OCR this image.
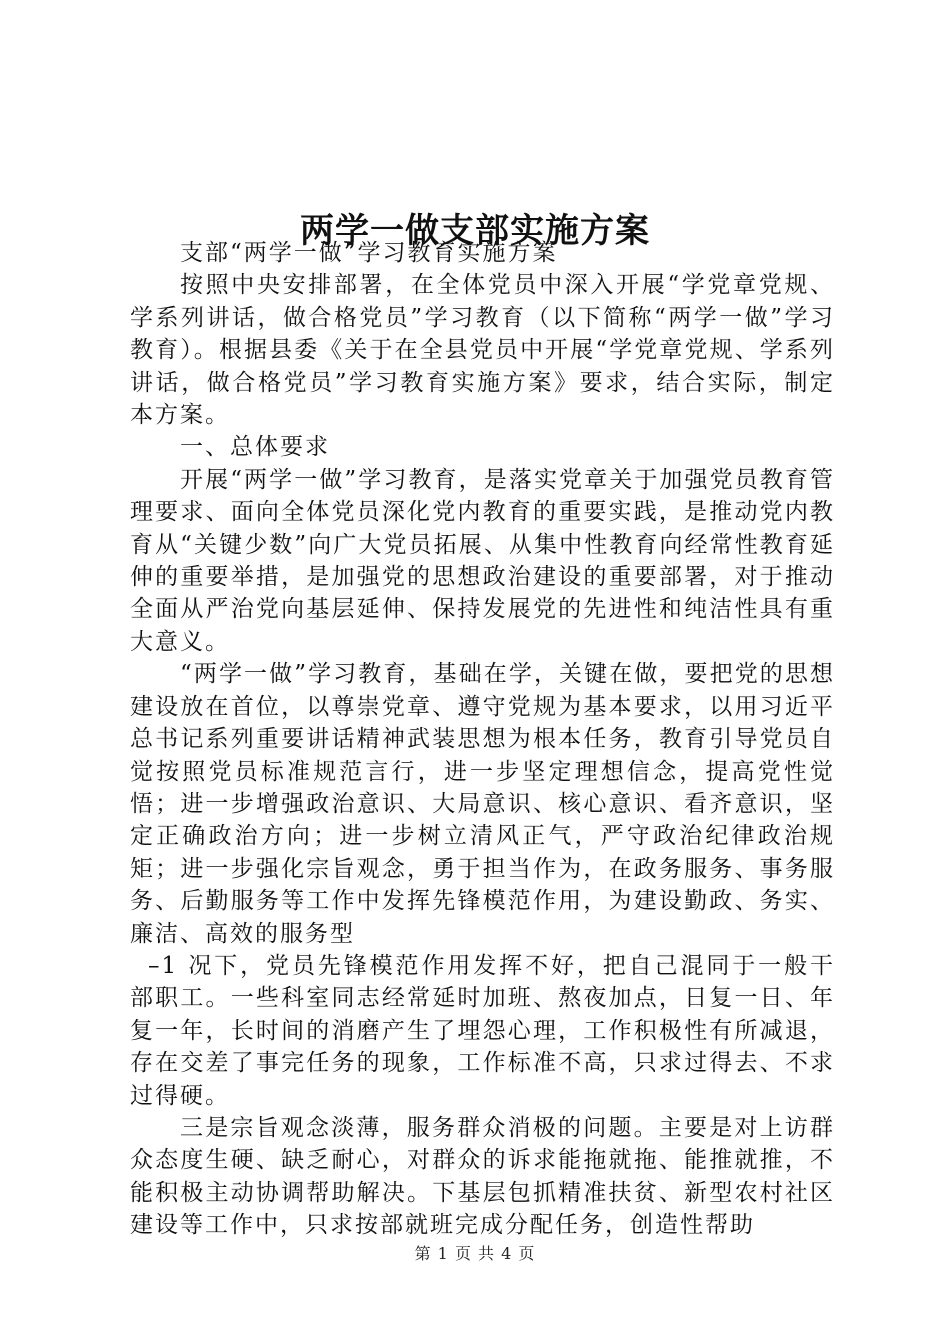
两学一做支部实施方案

支部“两学一做”学习教育实施方案

按照中央安排部署，在全体党员中深入开展“学党章党规、学系列讲话，做合格党员”学习教育（以下简称“两学一做”学习教育）。根据县委《关于在全县党员中开展“学党章党规、学系列讲话，做合格党员”学习教育实施方案》要求，结合实际，制定本方案。

一、总体要求

开展“两学一做”学习教育，是落实党章关于加强党员教育管理要求、面向全体党员深化党内教育的重要实践，是推动党内教育从“关键少数”向广大党员拓展、从集中性教育向经常性教育延伸的重要举措，是加强党的思想政治建设的重要部署，对于推动全面从严治党向基层延伸、保持发展党的先进性和纯洁性具有重大意义。

“两学一做”学习教育，基础在学，关键在做，要把党的思想建设放在首位，以尊崇党章、遵守党规为基本要求，以用习近平总书记系列重要讲话精神武装思想为根本任务，教育引导党员自觉按照党员标准规范言行，进一步坚定理想信念，提高党性觉悟；进一步增强政治意识、大局意识、核心意识、看齐意识，坚定正确政治方向；进一步树立清风正气，严守政治纪律政治规矩；进一步强化宗旨观念，勇于担当作为，在政务服务、事务服务、后勤服务等工作中发挥先锋模范作用，为建设勤政、务实、廉洁、高效的服务型

–1 况下，党员先锋模范作用发挥不好，把自己混同于一般干部职工。一些科室同志经常延时加班、熬夜加点，日复一日、年复一年，长时间的消磨产生了埋怨心理，工作积极性有所减退，存在交差了事完任务的现象，工作标准不高，只求过得去、不求过得硬。

三是宗旨观念淡薄，服务群众消极的问题。主要是对上访群众态度生硬、缺乏耐心，对群众的诉求能拖就拖、能推就推，不能积极主动协调帮助解决。下基层包抓精准扶贫、新型农村社区建设等工作中，只求按部就班完成分配任务，创造性帮助

第 1 页 共 4 页
